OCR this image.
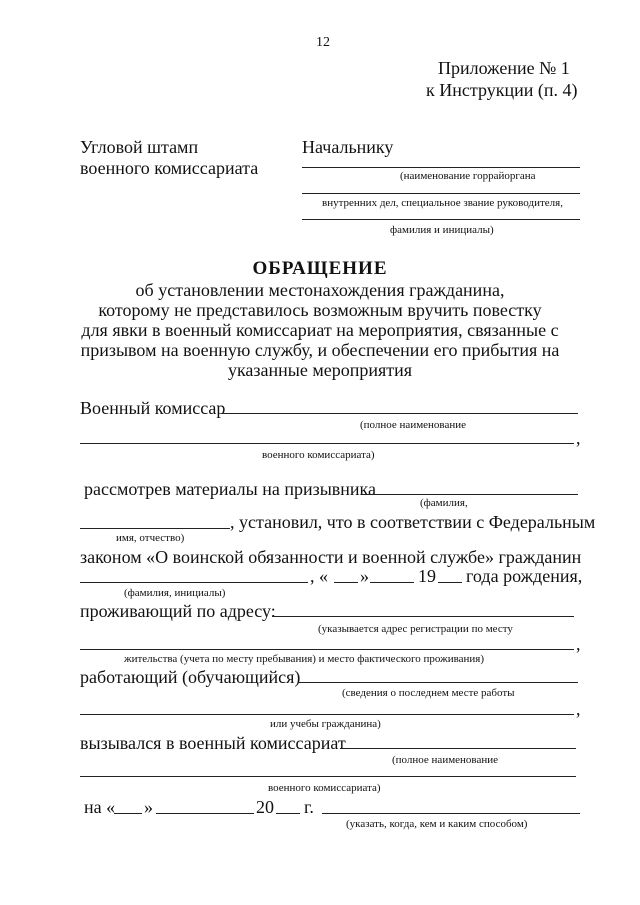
12
Приложение № 1
к Инструкции (п. 4)
Угловой штамп
военного комиссариата
Начальнику
(наименование горрайоргана
внутренних дел, специальное звание руководителя,
фамилия и инициалы)
ОБРАЩЕНИЕ
об установлении местонахождения гражданина,
которому не представилось возможным вручить повестку
для явки в военный комиссариат на мероприятия, связанные с
призывом на военную службу, и обеспечении его прибытия на
указанные мероприятия
Военный комиссар
(полное наименование
,
военного комиссариата)
рассмотрев материалы на призывника
(фамилия,
, установил, что в соответствии с Федеральным
имя, отчество)
законом «О воинской обязанности и военной службе» гражданин
, « »	19 года рождения,
(фамилия, инициалы)
проживающий по адресу:
(указывается адрес регистрации по месту
,
жительства (учета по месту пребывания) и место фактического проживания)
работающий (обучающийся)
(сведения о последнем месте работы
,
или учебы гражданина)
вызывался в военный комиссариат
(полное наименование
военного комиссариата)
на « »	20 г.
(указать, когда, кем и каким способом)
